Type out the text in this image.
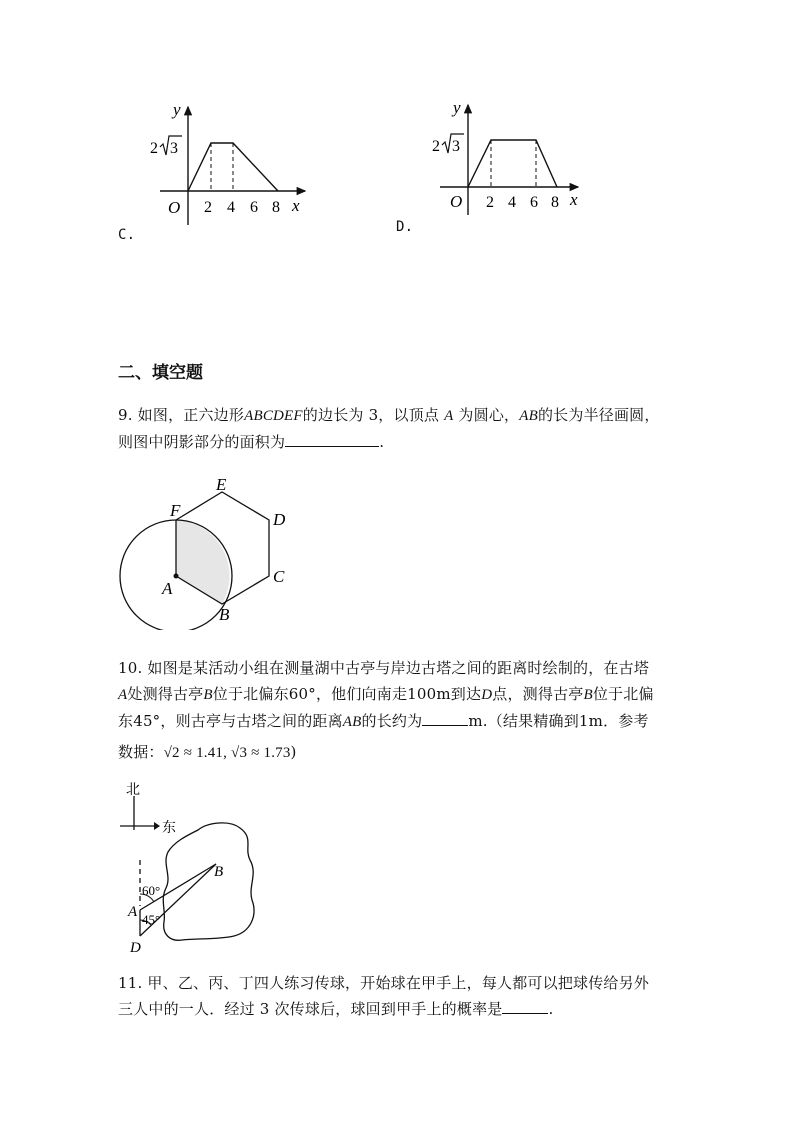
y
x
O
2 3
2 4 6 8
C.
y
x
O
2 3
2 4 6 8
D.
二、填空题
9. 如图，正六边形ABCDEF的边长为 3，以顶点 A 为圆心，AB的长为半径画圆，
则图中阴影部分的面积为	.
E
F	D
C
A
B
10. 如图是某活动小组在测量湖中古亭与岸边古塔之间的距离时绘制的，在古塔
A处测得古亭B位于北偏东60°，他们向南走100m到达D点，测得古亭B位于北偏
东45°，则古亭与古塔之间的距离AB的长约为	m.（结果精确到1m．参考
数据：√2 ≈ 1.41, √3 ≈ 1.73)
北
东
60°
45°
A
B
D
11. 甲、乙、丙、丁四人练习传球，开始球在甲手上，每人都可以把球传给另外
三人中的一人．经过 3 次传球后，球回到甲手上的概率是	.
